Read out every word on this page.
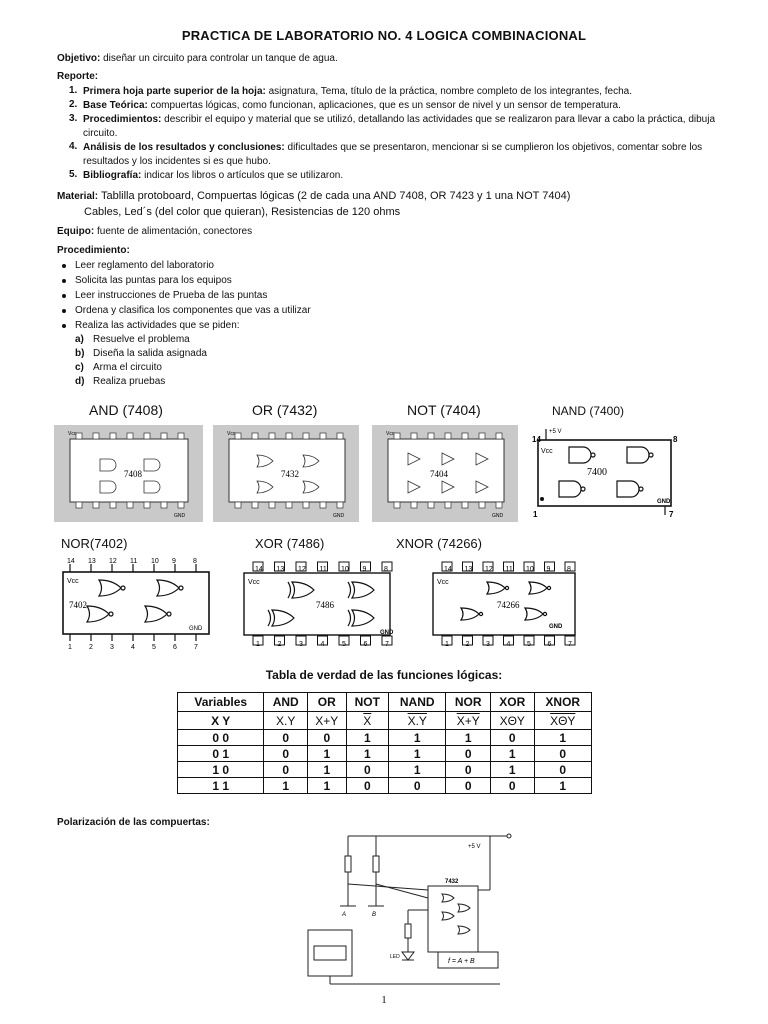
PRACTICA DE LABORATORIO NO. 4 LOGICA COMBINACIONAL
Objetivo: diseñar un circuito para controlar un tanque de agua.
Reporte:
1. Primera hoja parte superior de la hoja: asignatura, Tema, título de la práctica, nombre completo de los integrantes, fecha.
2. Base Teórica: compuertas lógicas, como funcionan, aplicaciones, que es un sensor de nivel y un sensor de temperatura.
3. Procedimientos: describir el equipo y material que se utilizó, detallando las actividades que se realizaron para llevar a cabo la práctica, dibuja circuito.
4. Análisis de los resultados y conclusiones: dificultades que se presentaron, mencionar si se cumplieron los objetivos, comentar sobre los resultados y los incidentes si es que hubo.
5. Bibliografía: indicar los libros o artículos que se utilizaron.
Material: Tablilla protoboard, Compuertas lógicas (2 de cada una AND 7408, OR 7423 y 1 una NOT 7404)
Cables, Led´s (del color que quieran), Resistencias de 120 ohms
Equipo: fuente de alimentación, conectores
Procedimiento:
Leer reglamento del laboratorio
Solicita las puntas para los equipos
Leer instrucciones de Prueba de las puntas
Ordena y clasifica los componentes que vas a utilizar
Realiza las actividades que se piden:
a) Resuelve el problema
b) Diseña la salida asignada
c) Arma el circuito
d) Realiza pruebas
AND (7408)	OR (7432)	NOT (7404)	NAND (7400)
7408
Vcc
GND
7432
Vcc
GND
7404
Vcc
GND
+5 V
14	8
1	7
Vcc
GND
7400
NOR(7402)	XOR (7486)	XNOR (74266)
14 13 12 11 10 9 8
1 2 3 4 5 6 7
Vcc
GND
7402
14 13 12 11 10 9	8
1	2	3	4	5	6	7
Vcc
GND
7486
14 13 12 11 10 9 8
1 2 3 4 5 6 7
Vcc
GND
74266
Tabla de verdad de las funciones lógicas:
Variables	AND	OR	NOT	NAND	NOR	XOR	XNOR
X Y	X.Y	X+Y	$\overline{X}$	X.Y	X+Y	XΘY	$\overline{X\Theta Y}$
0 0	0	0	1	1	1	0	1
0 1	0	1	1	1	0	1	0
1 0	0	1	0	1	0	1	0
1 1	1	1	0	0	0	0	1
Polarización de las compuertas:
+5 V
7432
A	B
LED
f = A + B
1
